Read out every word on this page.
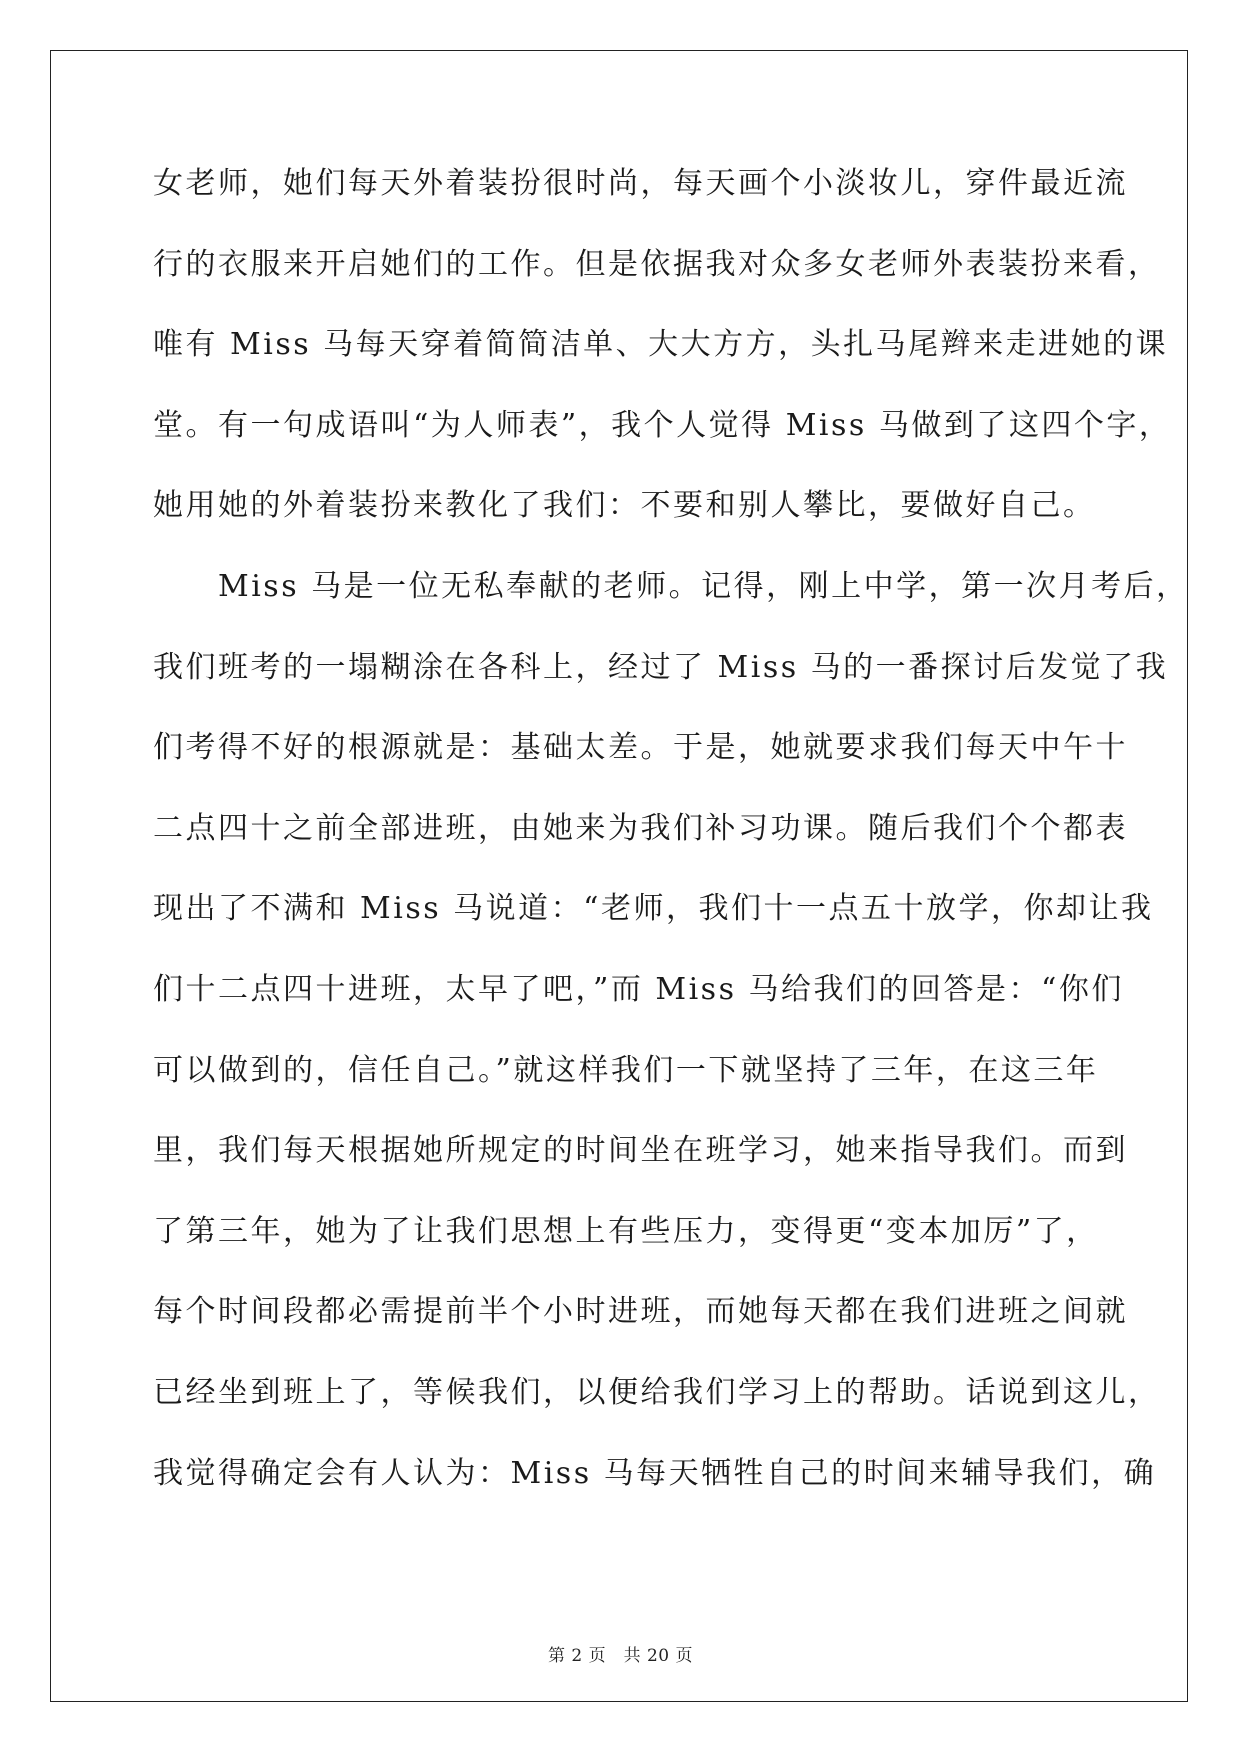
女老师，她们每天外着装扮很时尚，每天画个小淡妆儿，穿件最近流
行的衣服来开启她们的工作。但是依据我对众多女老师外表装扮来看，
唯有 Miss 马每天穿着简简洁单、大大方方，头扎马尾辫来走进她的课
堂。有一句成语叫“为人师表”，我个人觉得 Miss 马做到了这四个字，
她用她的外着装扮来教化了我们：不要和别人攀比，要做好自己。
　　Miss 马是一位无私奉献的老师。记得，刚上中学，第一次月考后，
我们班考的一塌糊涂在各科上，经过了 Miss 马的一番探讨后发觉了我
们考得不好的根源就是：基础太差。于是，她就要求我们每天中午十
二点四十之前全部进班，由她来为我们补习功课。随后我们个个都表
现出了不满和 Miss 马说道：“老师，我们十一点五十放学，你却让我
们十二点四十进班，太早了吧，”而 Miss 马给我们的回答是：“你们
可以做到的，信任自己。”就这样我们一下就坚持了三年，在这三年
里，我们每天根据她所规定的时间坐在班学习，她来指导我们。而到
了第三年，她为了让我们思想上有些压力，变得更“变本加厉”了，
每个时间段都必需提前半个小时进班，而她每天都在我们进班之间就
已经坐到班上了，等候我们，以便给我们学习上的帮助。话说到这儿，
我觉得确定会有人认为：Miss 马每天牺牲自己的时间来辅导我们，确
第 2 页　共 20 页
